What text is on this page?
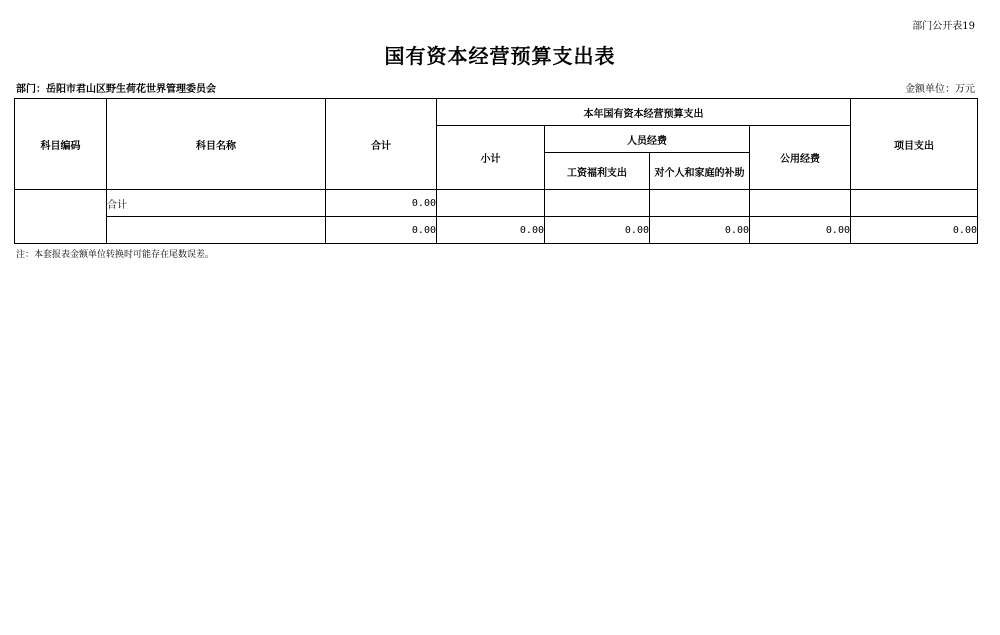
部门公开表19
国有资本经营预算支出表
部门：岳阳市君山区野生荷花世界管理委员会	金额单位：万元
科目编码	科目名称	合计	本年国有资本经营预算支出				项目支出
			小计	人员经费		公用经费	
				工资福利支出	对个人和家庭的补助		
	合计	0.00					
		0.00	0.00	0.00	0.00	0.00	0.00
注：本套报表金额单位转换时可能存在尾数误差。
